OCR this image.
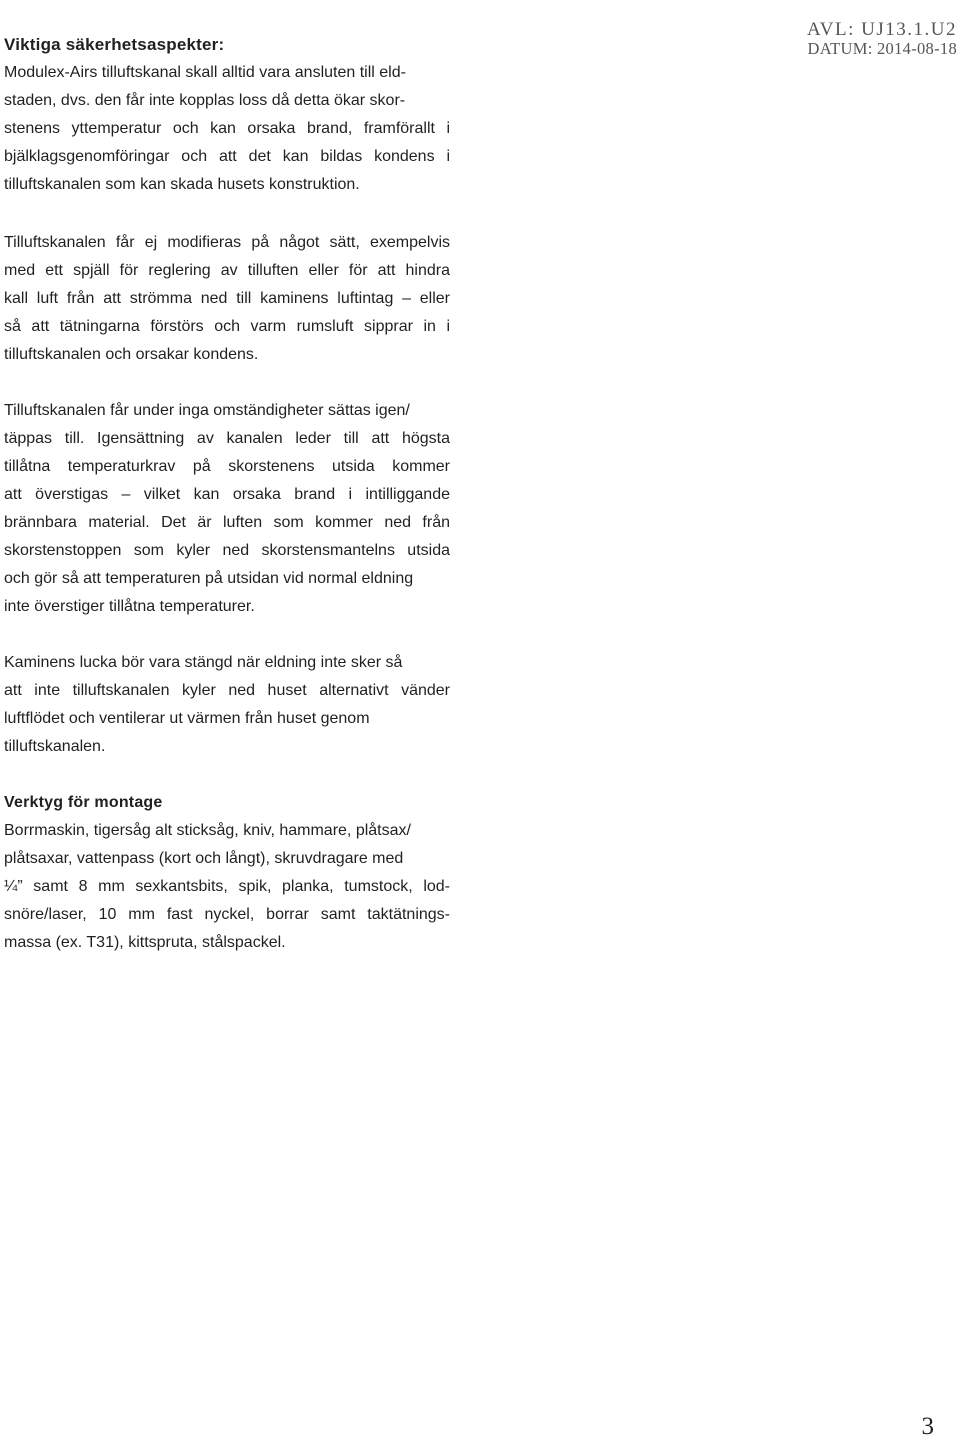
AVL: UJ13.1.U2
DATUM: 2014-08-18
Viktiga säkerhetsaspekter:
Modulex-Airs tilluftskanal skall alltid vara ansluten till eld-
staden, dvs. den får inte kopplas loss då detta ökar skor-
stenens yttemperatur och kan orsaka brand, framförallt i
bjälklagsgenomföringar och att det kan bildas kondens i
tilluftskanalen som kan skada husets konstruktion.
Tilluftskanalen får ej modifieras på något sätt, exempelvis
med ett spjäll för reglering av tilluften eller för att hindra
kall luft från att strömma ned till kaminens luftintag – eller
så att tätningarna förstörs och varm rumsluft sipprar in i
tilluftskanalen och orsakar kondens.
Tilluftskanalen får under inga omständigheter sättas igen/
täppas till. Igensättning av kanalen leder till att högsta
tillåtna temperaturkrav på skorstenens utsida kommer
att överstigas – vilket kan orsaka brand i intilliggande
brännbara material. Det är luften som kommer ned från
skorstenstoppen som kyler ned skorstensmantelns utsida
och gör så att temperaturen på utsidan vid normal eldning
inte överstiger tillåtna temperaturer.
Kaminens lucka bör vara stängd när eldning inte sker så
att inte tilluftskanalen kyler ned huset alternativt vänder
luftflödet och ventilerar ut värmen från huset genom
tilluftskanalen.
Verktyg för montage
Borrmaskin, tigersåg alt sticksåg, kniv, hammare, plåtsax/
plåtsaxar, vattenpass (kort och långt), skruvdragare med
¼” samt 8 mm sexkantsbits, spik, planka, tumstock, lod-
snöre/laser, 10 mm fast nyckel, borrar samt taktätnings-
massa (ex. T31), kittspruta, stålspackel.
3
